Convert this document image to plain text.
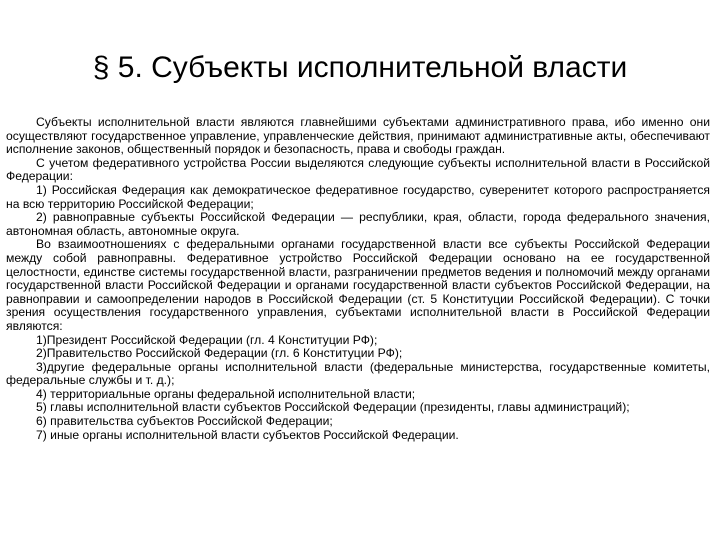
§ 5. Субъекты исполнительной власти

Субъекты исполнительной власти являются главнейшими субъектами административного права, ибо именно они осуществляют государственное управление, управленческие действия, принимают административные акты, обеспечивают исполнение законов, общественный порядок и безопасность, права и свободы граждан.

С учетом федеративного устройства России выделяются следующие субъекты исполнительной власти в Российской Федерации:

1) Российская Федерация как демократическое федеративное государство, суверенитет которого распространяется на всю территорию Российской Федерации;

2) равноправные субъекты Российской Федерации — республики, края, области, города федерального значения, автономная область, автономные округа.

Во взаимоотношениях с федеральными органами государственной власти все субъекты Российской Федерации между собой равноправны. Федеративное устройство Российской Федерации основано на ее государственной целостности, единстве системы государственной власти, разграничении предметов ведения и полномочий между органами государственной власти Российской Федерации и органами государственной власти субъектов Российской Федерации, на равноправии и самоопределении народов в Российской Федерации (ст. 5 Конституции Российской Федерации). С точки зрения осуществления государственного управления, субъектами исполнительной власти в Российской Федерации являются:

1)Президент Российской Федерации (гл. 4 Конституции РФ);

2)Правительство Российской Федерации (гл. 6 Конституции РФ);

3)другие федеральные органы исполнительной власти (федеральные министерства, государственные комитеты, федеральные службы и т. д.);

4) территориальные органы федеральной исполнительной власти;

5) главы исполнительной власти субъектов Российской Федерации (президенты, главы администраций);

6) правительства субъектов Российской Федерации;

7) иные органы исполнительной власти субъектов Российской Федерации.
